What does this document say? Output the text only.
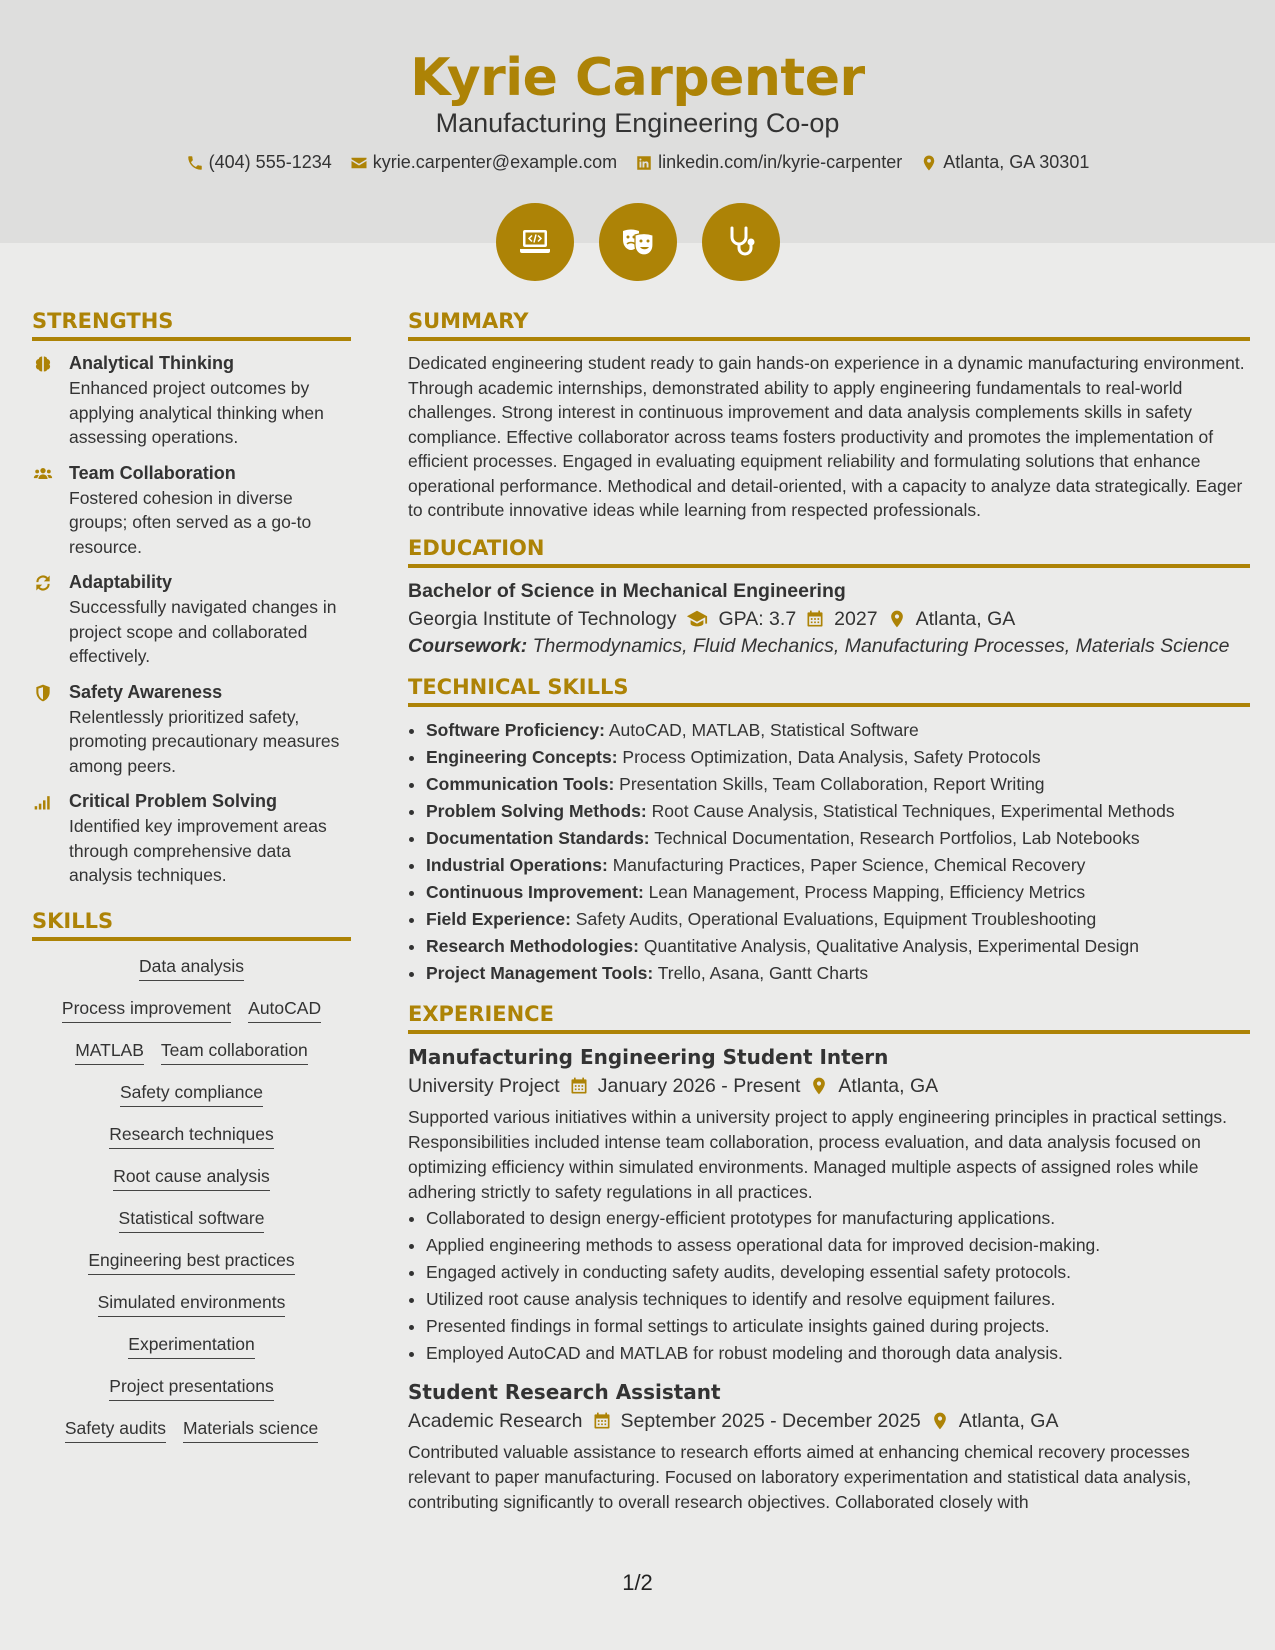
Kyrie Carpenter
Manufacturing Engineering Co-op
(404) 555-1234 kyrie.carpenter@example.com linkedin.com/in/kyrie-carpenter Atlanta, GA 30301
STRENGTHS
Analytical Thinking
Enhanced project outcomes by applying analytical thinking when assessing operations.
Team Collaboration
Fostered cohesion in diverse groups; often served as a go-to resource.
Adaptability
Successfully navigated changes in project scope and collaborated effectively.
Safety Awareness
Relentlessly prioritized safety, promoting precautionary measures among peers.
Critical Problem Solving
Identified key improvement areas through comprehensive data analysis techniques.
SKILLS
Data analysis
Process improvement AutoCAD
MATLAB Team collaboration
Safety compliance
Research techniques
Root cause analysis
Statistical software
Engineering best practices
Simulated environments
Experimentation
Project presentations
Safety audits Materials science
SUMMARY
Dedicated engineering student ready to gain hands-on experience in a dynamic manufacturing environment. Through academic internships, demonstrated ability to apply engineering fundamentals to real-world challenges. Strong interest in continuous improvement and data analysis complements skills in safety compliance. Effective collaborator across teams fosters productivity and promotes the implementation of efficient processes. Engaged in evaluating equipment reliability and formulating solutions that enhance operational performance. Methodical and detail-oriented, with a capacity to analyze data strategically. Eager to contribute innovative ideas while learning from respected professionals.
EDUCATION
Bachelor of Science in Mechanical Engineering
Georgia Institute of Technology GPA: 3.7 2027 Atlanta, GA
Coursework: Thermodynamics, Fluid Mechanics, Manufacturing Processes, Materials Science
TECHNICAL SKILLS
• Software Proficiency: AutoCAD, MATLAB, Statistical Software
• Engineering Concepts: Process Optimization, Data Analysis, Safety Protocols
• Communication Tools: Presentation Skills, Team Collaboration, Report Writing
• Problem Solving Methods: Root Cause Analysis, Statistical Techniques, Experimental Methods
• Documentation Standards: Technical Documentation, Research Portfolios, Lab Notebooks
• Industrial Operations: Manufacturing Practices, Paper Science, Chemical Recovery
• Continuous Improvement: Lean Management, Process Mapping, Efficiency Metrics
• Field Experience: Safety Audits, Operational Evaluations, Equipment Troubleshooting
• Research Methodologies: Quantitative Analysis, Qualitative Analysis, Experimental Design
• Project Management Tools: Trello, Asana, Gantt Charts
EXPERIENCE
Manufacturing Engineering Student Intern
University Project January 2026 - Present Atlanta, GA
Supported various initiatives within a university project to apply engineering principles in practical settings. Responsibilities included intense team collaboration, process evaluation, and data analysis focused on optimizing efficiency within simulated environments. Managed multiple aspects of assigned roles while adhering strictly to safety regulations in all practices.
• Collaborated to design energy-efficient prototypes for manufacturing applications.
• Applied engineering methods to assess operational data for improved decision-making.
• Engaged actively in conducting safety audits, developing essential safety protocols.
• Utilized root cause analysis techniques to identify and resolve equipment failures.
• Presented findings in formal settings to articulate insights gained during projects.
• Employed AutoCAD and MATLAB for robust modeling and thorough data analysis.
Student Research Assistant
Academic Research September 2025 - December 2025 Atlanta, GA
Contributed valuable assistance to research efforts aimed at enhancing chemical recovery processes relevant to paper manufacturing. Focused on laboratory experimentation and statistical data analysis, contributing significantly to overall research objectives. Collaborated closely with
1/2
